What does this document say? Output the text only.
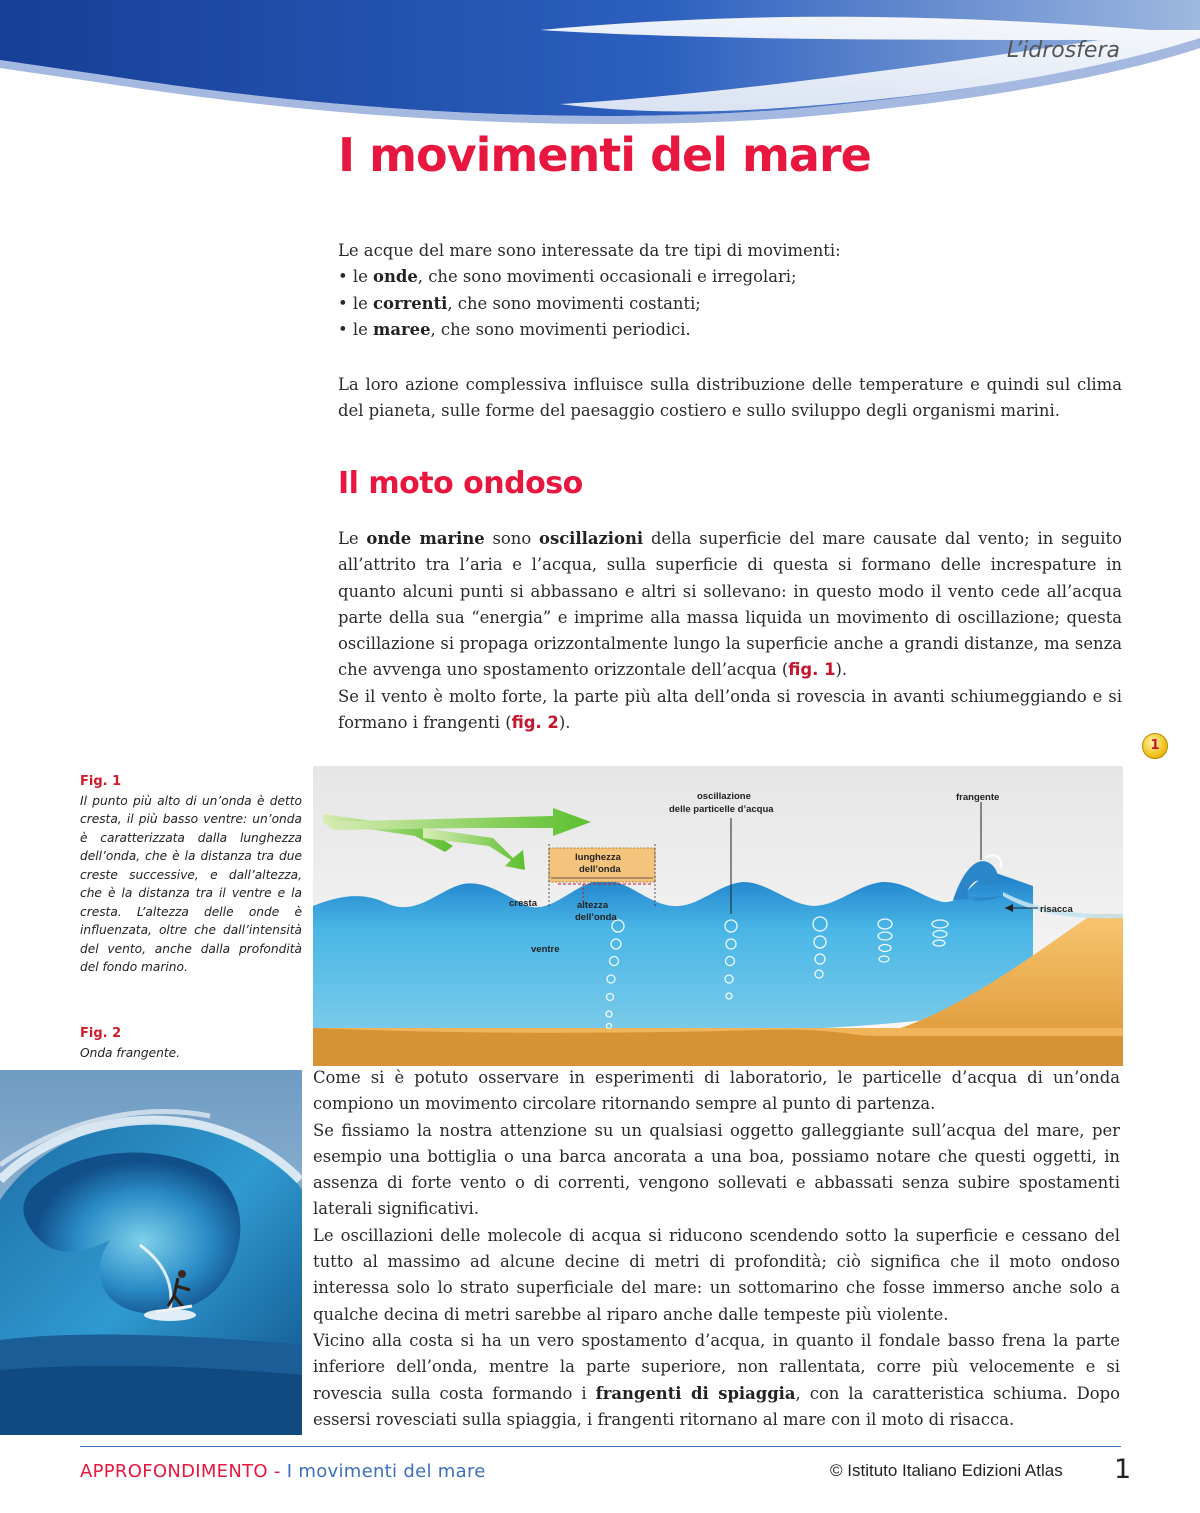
L’idrosfera
I movimenti del mare
Le acque del mare sono interessate da tre tipi di movimenti:
• le onde, che sono movimenti occasionali e irregolari;
• le correnti, che sono movimenti costanti;
• le maree, che sono movimenti periodici.

La loro azione complessiva influisce sulla distribuzione delle temperature e quindi sul clima del pianeta, sulle forme del paesaggio costiero e sullo sviluppo degli organismi marini.

Il moto ondoso

Le onde marine sono oscillazioni della superficie del mare causate dal vento; in seguito all’attrito tra l’aria e l’acqua, sulla superficie di questa si formano delle increspature in quanto alcuni punti si abbassano e altri si sollevano: in questo modo il vento cede all’acqua parte della sua “energia” e imprime alla massa liquida un movimento di oscillazione; questa oscillazione si propaga orizzontalmente lungo la superficie anche a grandi distanze, ma senza che avvenga uno spostamento orizzontale dell’acqua (fig. 1).

Se il vento è molto forte, la parte più alta dell’onda si rovescia in avanti schiumeggiando e si formano i frangenti (fig. 2).

1
Fig. 1
Il punto più alto di un’onda è detto cresta, il più basso ventre: un’onda è caratterizzata dalla lunghezza dell’onda, che è la distanza tra due creste successive, e dall’altezza, che è la distanza tra il ventre e la cresta. L’altezza delle onde è influenzata, oltre che dall’intensità del vento, anche dalla profondità del fondo marino.
Fig. 2
Onda frangente.
oscillazione
delle particelle d’acqua
frangente
lunghezza
dell’onda
cresta	altezza
dell’onda
ventre
risacca

Come si è potuto osservare in esperimenti di laboratorio, le particelle d’acqua di un’onda compiono un movimento circolare ritornando sempre al punto di partenza.

Se fissiamo la nostra attenzione su un qualsiasi oggetto galleggiante sull’acqua del mare, per esempio una bottiglia o una barca ancorata a una boa, possiamo notare che questi oggetti, in assenza di forte vento o di correnti, vengono sollevati e abbassati senza subire spostamenti laterali significativi.

Le oscillazioni delle molecole di acqua si riducono scendendo sotto la superficie e cessano del tutto al massimo ad alcune decine di metri di profondità; ciò significa che il moto ondoso interessa solo lo strato superficiale del mare: un sottomarino che fosse immerso anche solo a qualche decina di metri sarebbe al riparo anche dalle tempeste più violente.

Vicino alla costa si ha un vero spostamento d’acqua, in quanto il fondale basso frena la parte inferiore dell’onda, mentre la parte superiore, non rallentata, corre più velocemente e si rovescia sulla costa formando i frangenti di spiaggia, con la caratteristica schiuma. Dopo essersi rovesciati sulla spiaggia, i frangenti ritornano al mare con il moto di risacca.

APPROFONDIMENTO - I movimenti del mare	© Istituto Italiano Edizioni Atlas 1
